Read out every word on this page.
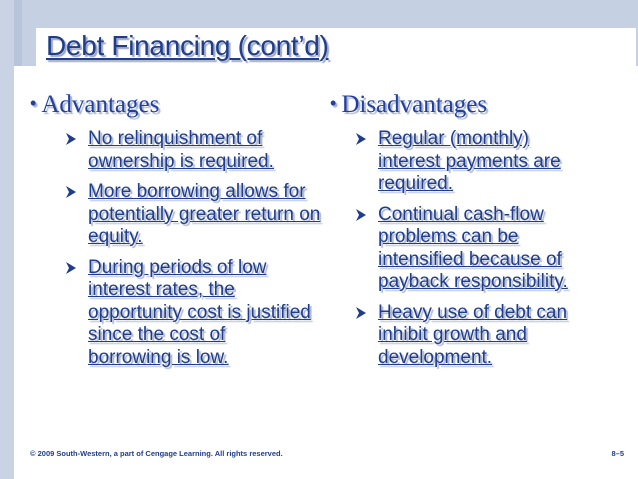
Debt Financing (cont’d)
• Advantages
No relinquishment of ownership is required.
More borrowing allows for potentially greater return on equity.
During periods of low interest rates, the opportunity cost is justified since the cost of borrowing is low.
• Disadvantages
Regular (monthly) interest payments are required.
Continual cash-flow problems can be intensified because of payback responsibility.
Heavy use of debt can inhibit growth and development.
© 2009 South-Western, a part of Cengage Learning. All rights reserved.	8–5
